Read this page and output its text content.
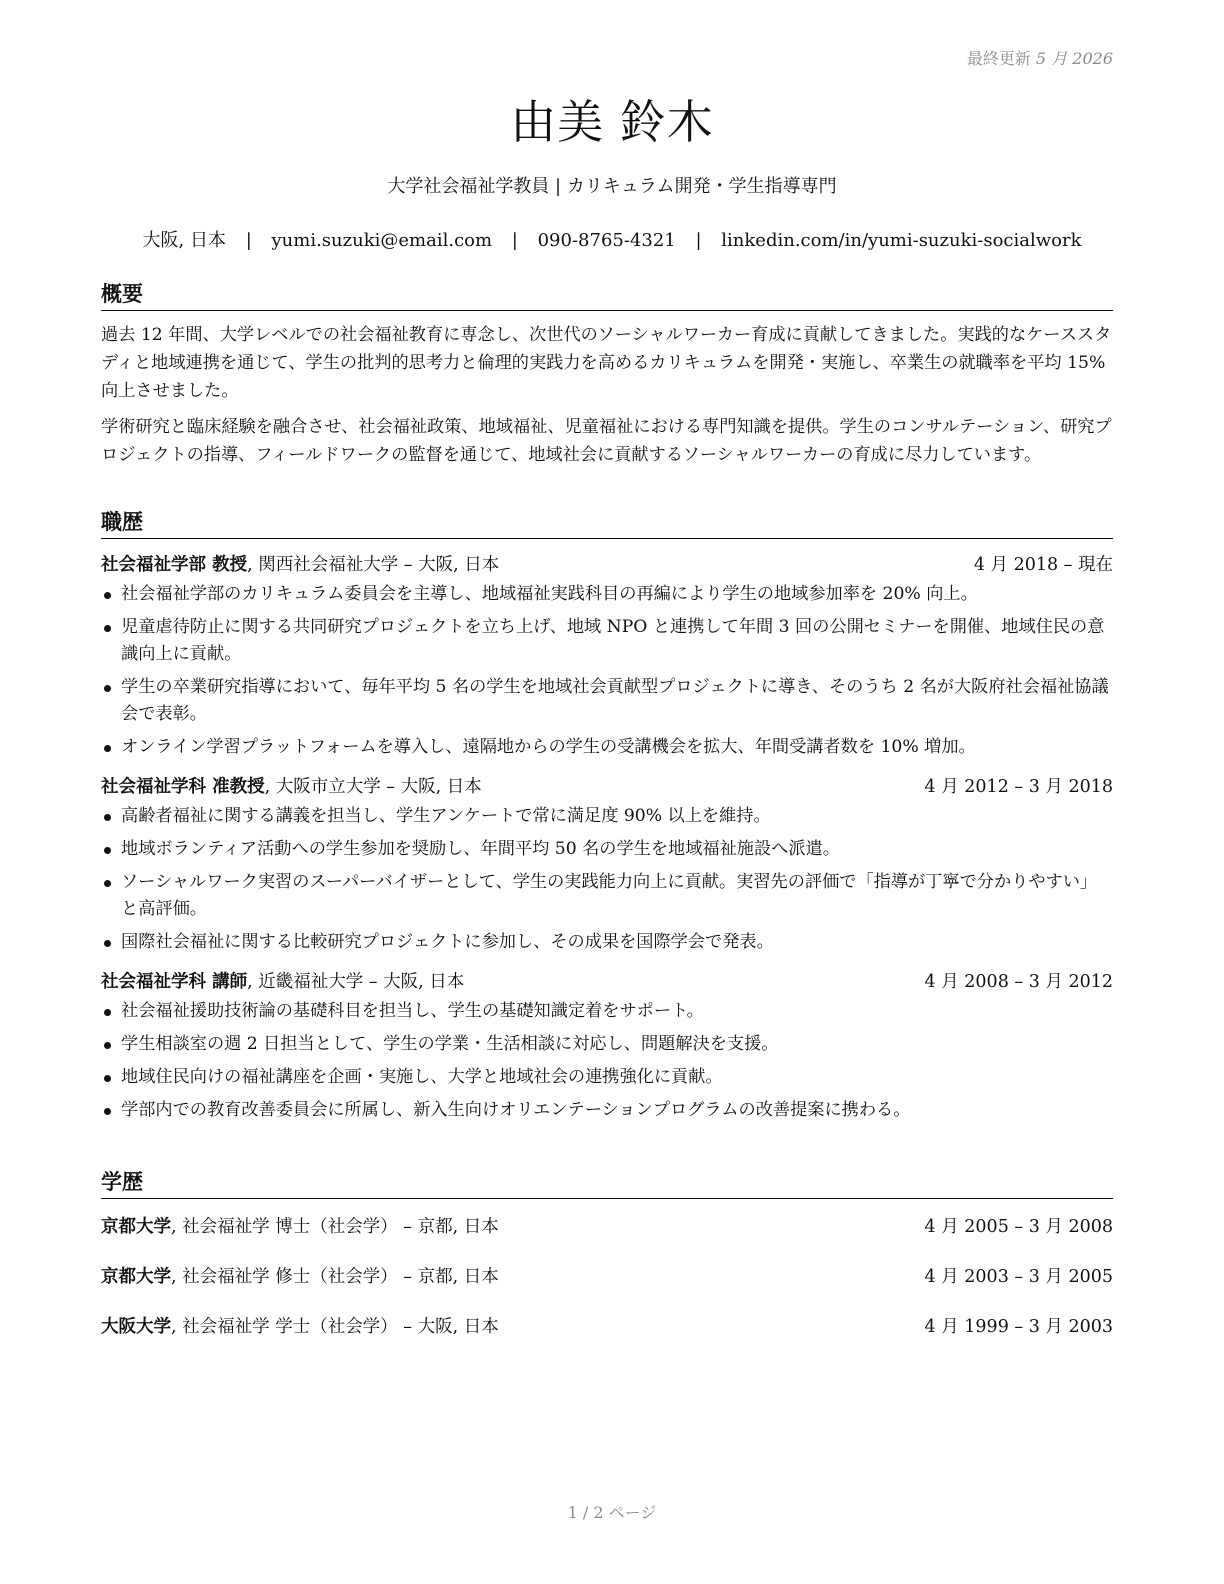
最終更新 5 月 2026
由美 鈴木
大学社会福祉学教員 | カリキュラム開発・学生指導専門
大阪, 日本 | yumi.suzuki@email.com | 090-8765-4321 | linkedin.com/in/yumi-suzuki-socialwork
概要

過去 12 年間、大学レベルでの社会福祉教育に専念し、次世代のソーシャルワーカー育成に貢献してきました。実践的なケーススタディと地域連携を通じて、学生の批判的思考力と倫理的実践力を高めるカリキュラムを開発・実施し、卒業生の就職率を平均 15% 向上させました。

学術研究と臨床経験を融合させ、社会福祉政策、地域福祉、児童福祉における専門知識を提供。学生のコンサルテーション、研究プロジェクトの指導、フィールドワークの監督を通じて、地域社会に貢献するソーシャルワーカーの育成に尽力しています。

職歴
社会福祉学部 教授, 関西社会福祉大学 – 大阪, 日本	4 月 2018 – 現在
社会福祉学部のカリキュラム委員会を主導し、地域福祉実践科目の再編により学生の地域参加率を 20% 向上。
児童虐待防止に関する共同研究プロジェクトを立ち上げ、地域 NPO と連携して年間 3 回の公開セミナーを開催、地域住民の意識向上に貢献。
学生の卒業研究指導において、毎年平均 5 名の学生を地域社会貢献型プロジェクトに導き、そのうち 2 名が大阪府社会福祉協議会で表彰。
オンライン学習プラットフォームを導入し、遠隔地からの学生の受講機会を拡大、年間受講者数を 10% 増加。
社会福祉学科 准教授, 大阪市立大学 – 大阪, 日本	4 月 2012 – 3 月 2018
高齢者福祉に関する講義を担当し、学生アンケートで常に満足度 90% 以上を維持。
地域ボランティア活動への学生参加を奨励し、年間平均 50 名の学生を地域福祉施設へ派遣。
ソーシャルワーク実習のスーパーバイザーとして、学生の実践能力向上に貢献。実習先の評価で「指導が丁寧で分かりやすい」と高評価。
国際社会福祉に関する比較研究プロジェクトに参加し、その成果を国際学会で発表。
社会福祉学科 講師, 近畿福祉大学 – 大阪, 日本	4 月 2008 – 3 月 2012
社会福祉援助技術論の基礎科目を担当し、学生の基礎知識定着をサポート。
学生相談室の週 2 日担当として、学生の学業・生活相談に対応し、問題解決を支援。
地域住民向けの福祉講座を企画・実施し、大学と地域社会の連携強化に貢献。
学部内での教育改善委員会に所属し、新入生向けオリエンテーションプログラムの改善提案に携わる。
学歴
京都大学, 社会福祉学 博士（社会学） – 京都, 日本	4 月 2005 – 3 月 2008
京都大学, 社会福祉学 修士（社会学） – 京都, 日本	4 月 2003 – 3 月 2005
大阪大学, 社会福祉学 学士（社会学） – 大阪, 日本	4 月 1999 – 3 月 2003
1 / 2 ページ
